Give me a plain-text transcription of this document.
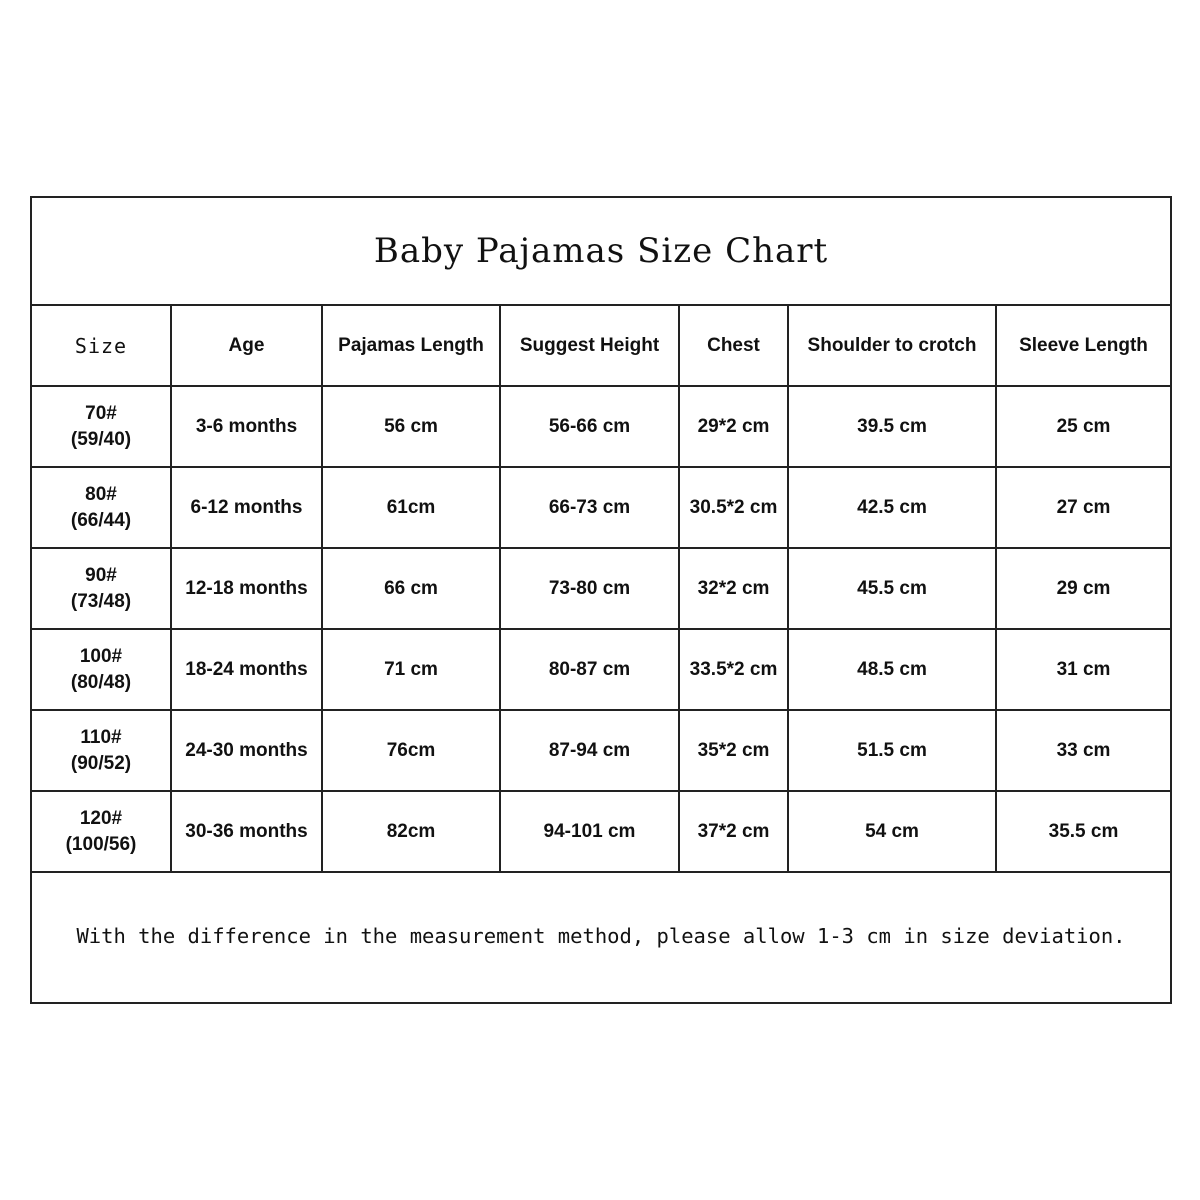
Baby Pajamas Size Chart
Size	Age	Pajamas Length	Suggest Height	Chest	Shoulder to crotch	Sleeve Length

70#
(59/40)	3-6 months	56 cm	56-66 cm	29*2 cm	39.5 cm	25 cm

80#
(66/44)	6-12 months	61cm	66-73 cm	30.5*2 cm	42.5 cm	27 cm

90#
(73/48)	12-18 months	66 cm	73-80 cm	32*2 cm	45.5 cm	29 cm

100#
(80/48)	18-24 months	71 cm	80-87 cm	33.5*2 cm	48.5 cm	31 cm

110#
(90/52)	24-30 months	76cm	87-94 cm	35*2 cm	51.5 cm	33 cm

120#
(100/56)	30-36 months	82cm	94-101 cm	37*2 cm	54 cm	35.5 cm
With the difference in the measurement method, please allow 1-3 cm in size deviation.
